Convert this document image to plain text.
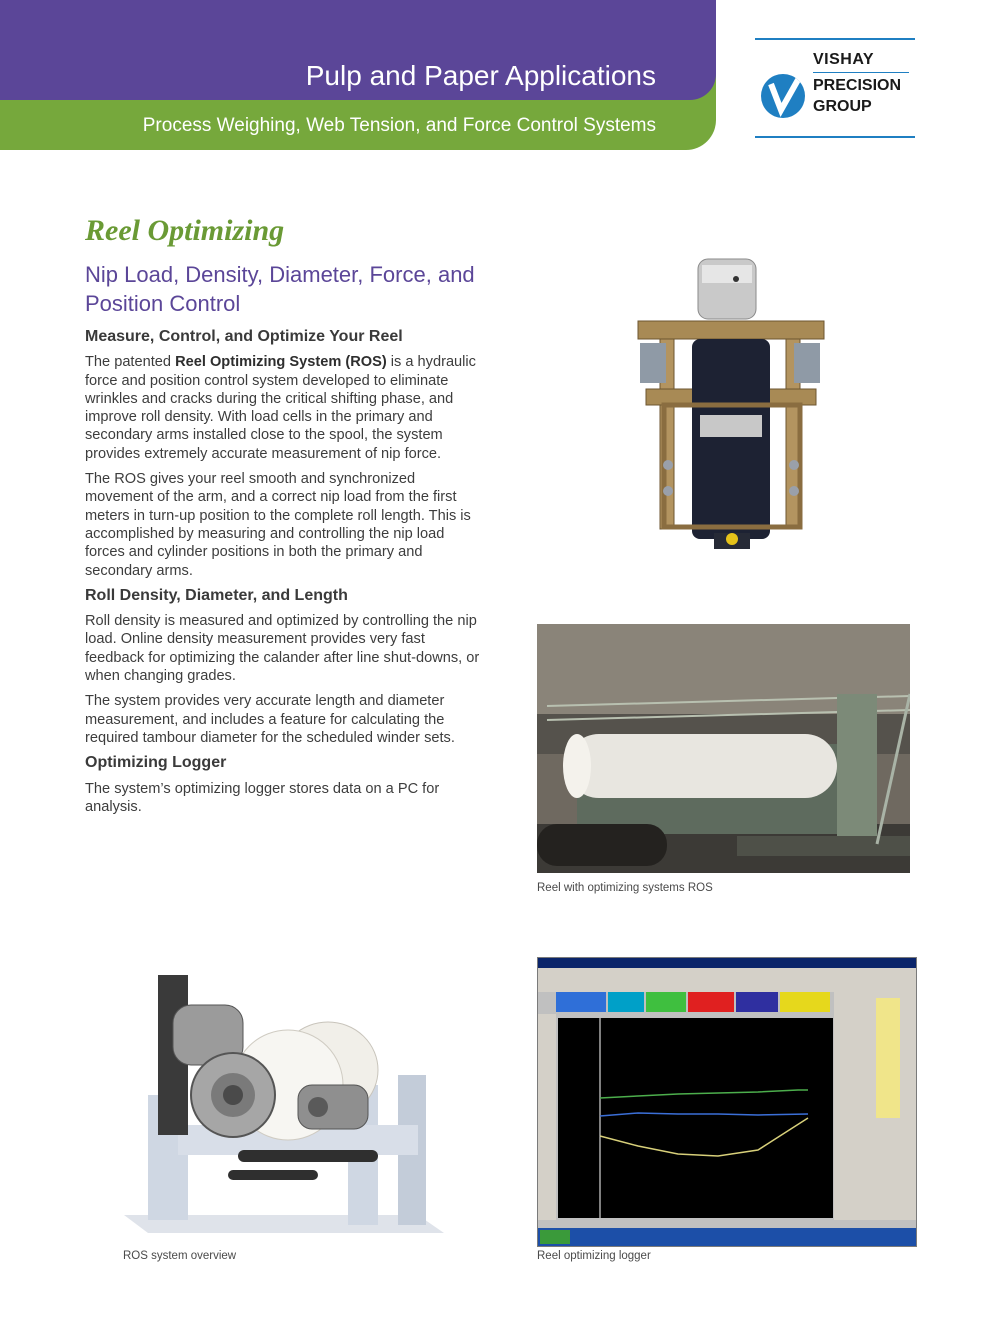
Pulp and Paper Applications
Process Weighing, Web Tension, and Force Control Systems
VISHAY
PRECISION
GROUP
Reel Optimizing
Nip Load, Density, Diameter, Force, and Position Control
Measure, Control, and Optimize Your Reel

The patented Reel Optimizing System (ROS) is a hydraulic force and position control system developed to eliminate wrinkles and cracks during the critical shifting phase, and improve roll density. With load cells in the primary and secondary arms installed close to the spool, the system provides extremely accurate measurement of nip force.

The ROS gives your reel smooth and synchronized movement of the arm, and a correct nip load from the first meters in turn-up position to the complete roll length. This is accomplished by measuring and controlling the nip load forces and cylinder positions in both the primary and secondary arms.

Roll Density, Diameter, and Length

Roll density is measured and optimized by controlling the nip load. Online density measurement provides very fast feedback for optimizing the calander after line shut-downs, or when changing grades.

The system provides very accurate length and diameter measurement, and includes a feature for calculating the required tambour diameter for the scheduled winder sets.

Optimizing Logger

The system’s optimizing logger stores data on a PC for analysis.

Reel with optimizing systems ROS
ROS system overview	Reel optimizing logger
